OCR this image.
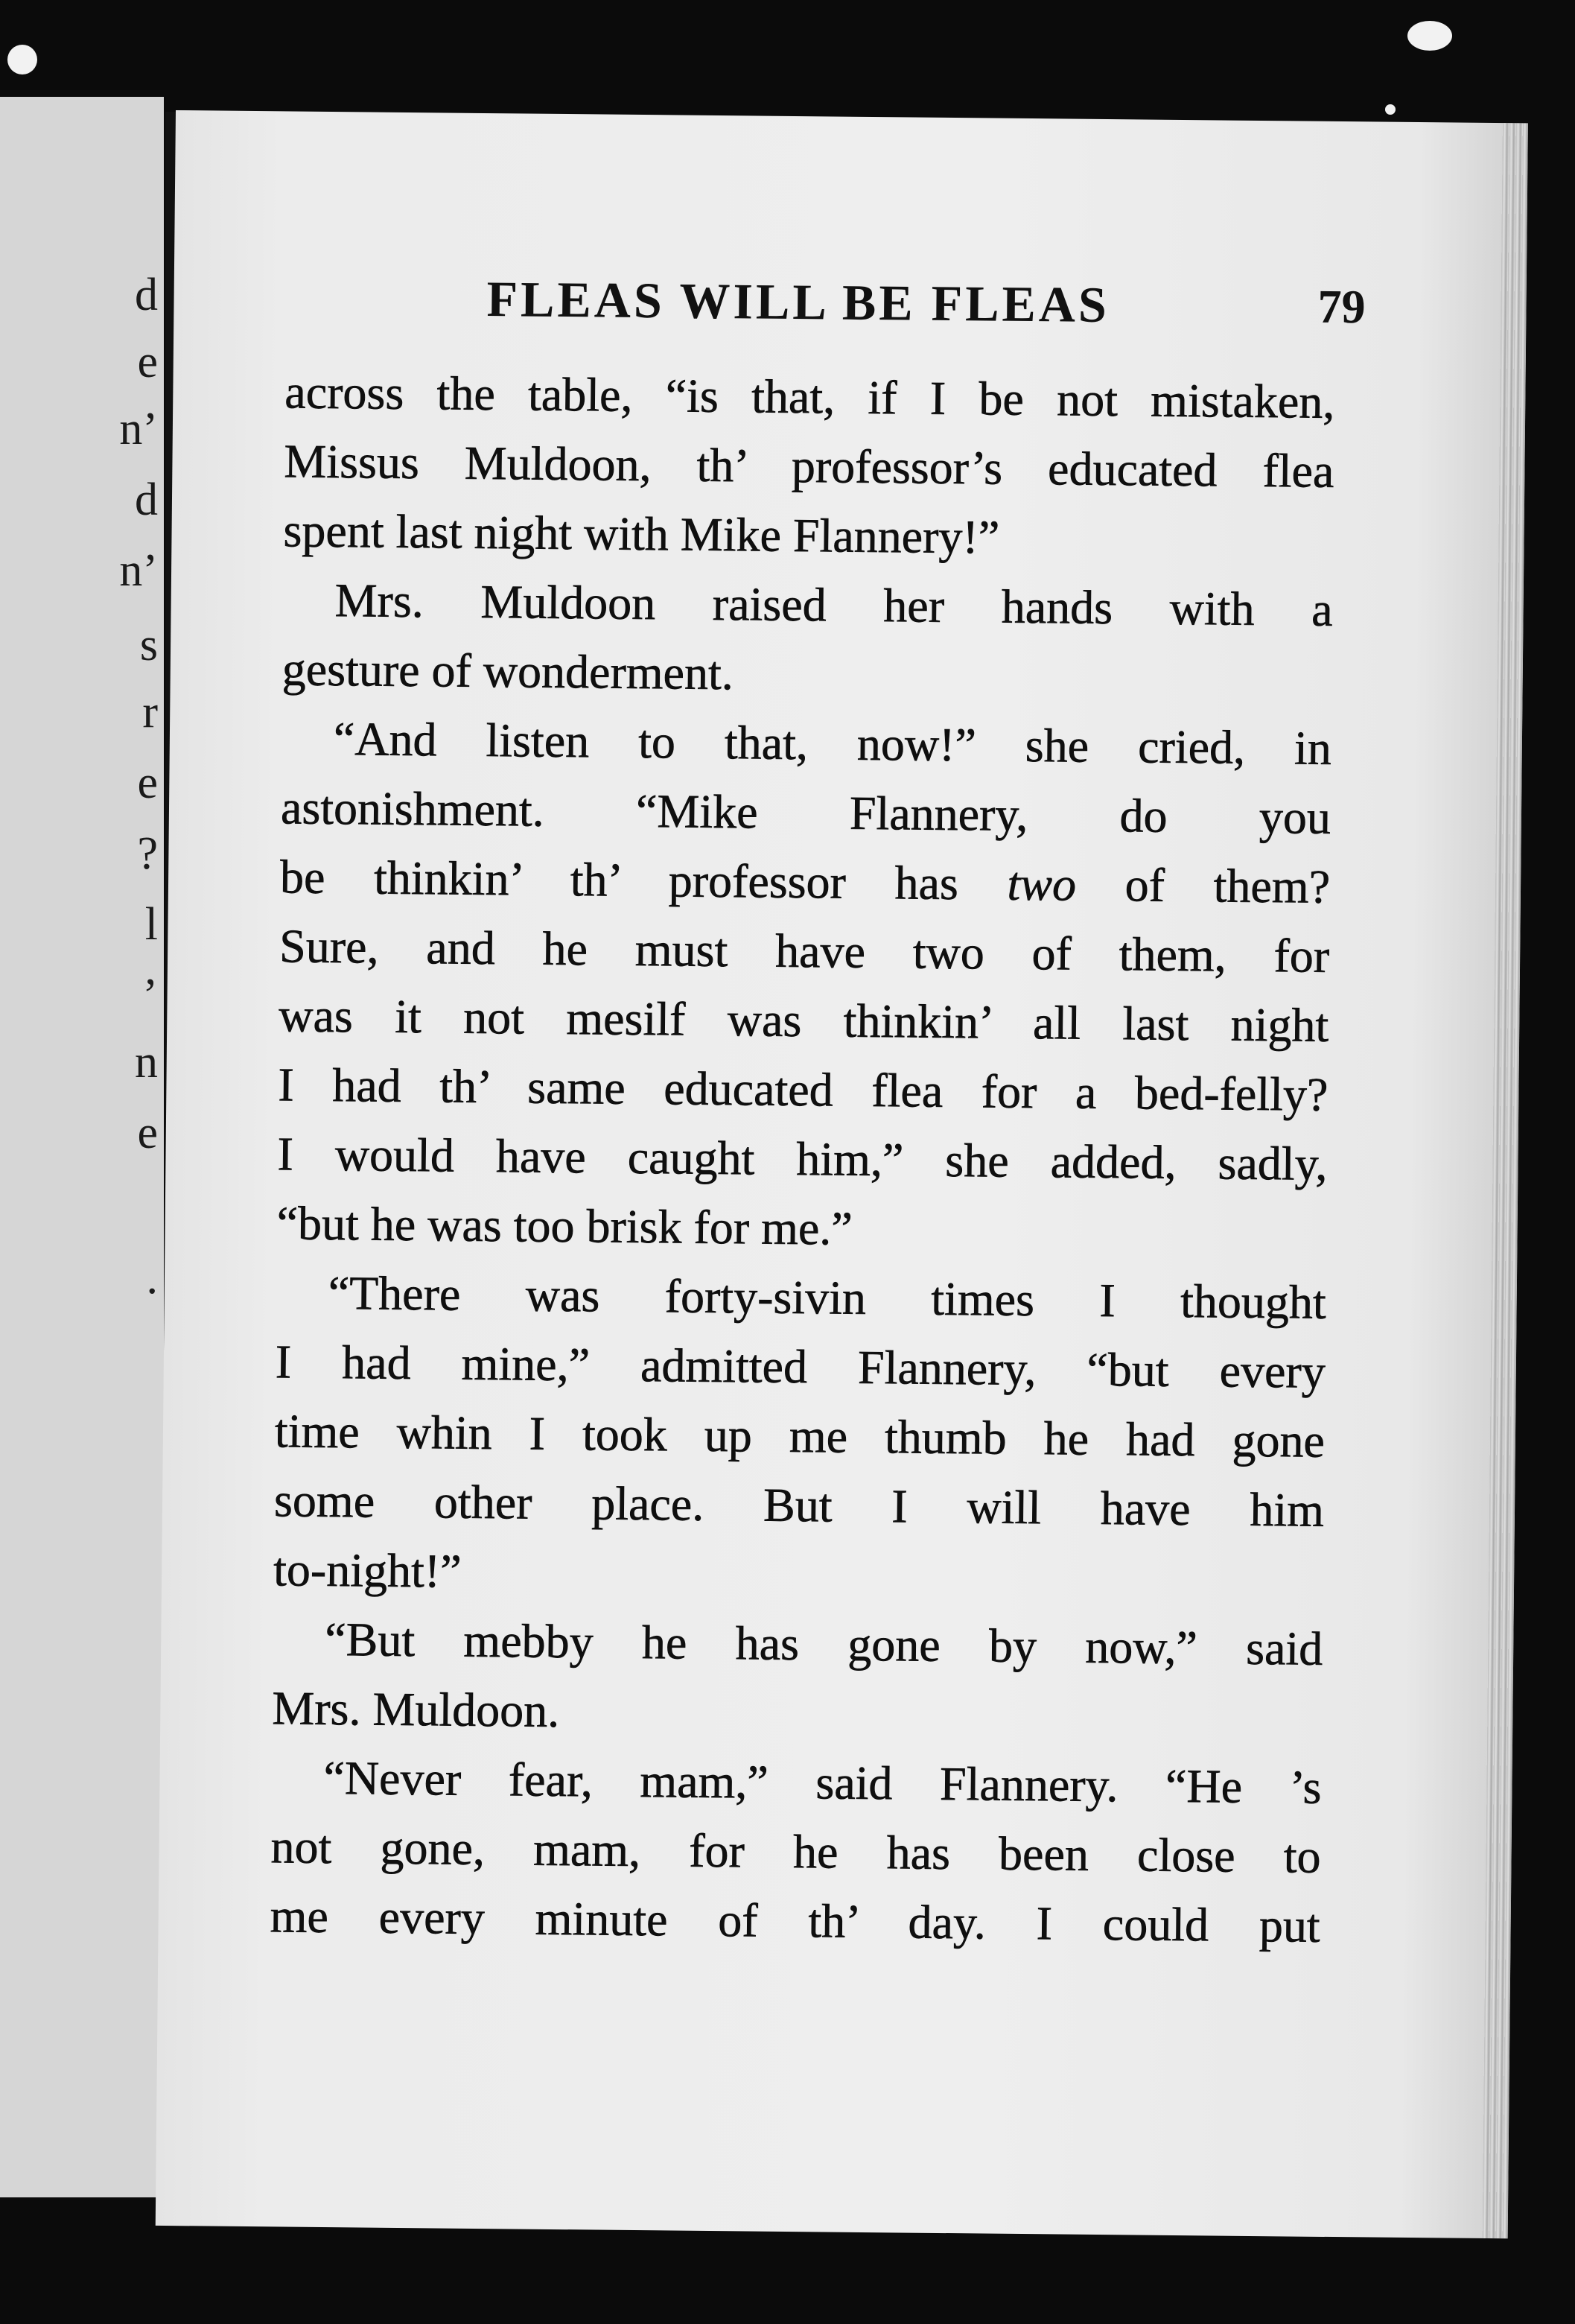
d
e
n’
d
n’
s
r
e
?
l
’
n
e
.
FLEAS WILL BE FLEAS	79
across the table, “is that, if I be not mistaken,
Missus Muldoon, th’ professor’s educated flea
spent last night with Mike Flannery!”
Mrs. Muldoon raised her hands with a
gesture of wonderment.
“And listen to that, now!” she cried, in
astonishment. “Mike Flannery, do you
be thinkin’ th’ professor has two of them?
Sure, and he must have two of them, for
was it not mesilf was thinkin’ all last night
I had th’ same educated flea for a bed-felly?
I would have caught him,” she added, sadly,
“but he was too brisk for me.”
“There was forty-sivin times I thought
I had mine,” admitted Flannery, “but every
time whin I took up me thumb he had gone
some other place. But I will have him
to-night!”
“But mebby he has gone by now,” said
Mrs. Muldoon.
“Never fear, mam,” said Flannery. “He ’s
not gone, mam, for he has been close to
me every minute of th’ day. I could put
